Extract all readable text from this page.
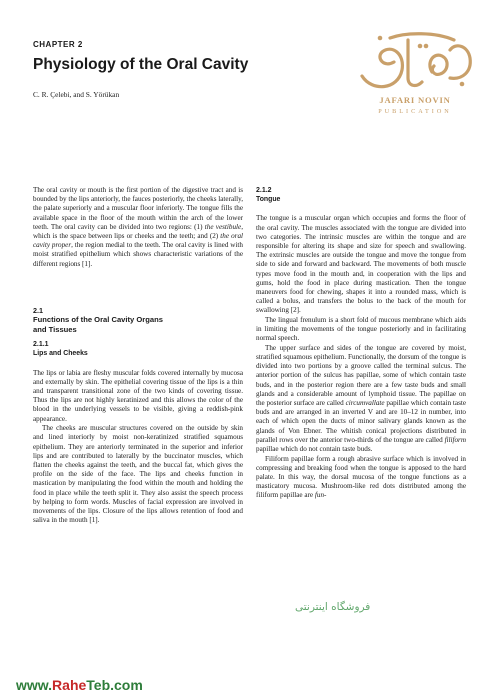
CHAPTER 2
Physiology of the Oral Cavity
C. R. Çelebi, and S. Yörükan
JAFARI NOVIN
PUBLICATION

The oral cavity or mouth is the first portion of the digestive tract and is bounded by the lips anteriorly, the fauces posteriorly, the cheeks laterally, the palate superiorly and a muscular floor inferiorly. The tongue fills the available space in the floor of the mouth within the arch of the lower teeth. The oral cavity can be divided into two regions: (1) the vestibule, which is the space between lips or cheeks and the teeth; and (2) the oral cavity proper, the region medial to the teeth. The oral cavity is lined with moist stratified epithelium which shows characteristic variations of the different regions [1].

2.1
Functions of the Oral Cavity Organs
and Tissues
2.1.1
Lips and Cheeks

The lips or labia are fleshy muscular folds covered internally by mucosa and externally by skin. The epithelial covering tissue of the lips is a thin and transparent transitional zone of the two kinds of covering tissue. Thus the lips are not highly keratinized and this allows the color of the blood in the underlying vessels to be visible, giving a reddish-pink appearance.

The cheeks are muscular structures covered on the outside by skin and lined interiorly by moist non-keratinized stratified squamous epithelium. They are anteriorly terminated in the superior and inferior lips and are contributed to laterally by the buccinator muscles, which flatten the cheeks against the teeth, and the buccal fat, which gives the profile on the side of the face. The lips and cheeks function in mastication by manipulating the food within the mouth and holding the food in place while the teeth split it. They also assist the speech process by helping to form words. Muscles of facial expression are involved in movements of the lips. Closure of the lips allows retention of food and saliva in the mouth [1].

2.1.2
Tongue

The tongue is a muscular organ which occupies and forms the floor of the oral cavity. The muscles associated with the tongue are divided into two categories. The intrinsic muscles are within the tongue and are responsible for altering its shape and size for speech and swallowing. The extrinsic muscles are outside the tongue and move the tongue from side to side and forward and backward. The movements of both muscle types move food in the mouth and, in cooperation with the lips and gums, hold the food in place during mastication. Then the tongue maneuvers food for chewing, shapes it into a rounded mass, which is called a bolus, and transfers the bolus to the back of the mouth for swallowing [2].

The lingual frenulum is a short fold of mucous membrane which aids in limiting the movements of the tongue posteriorly and in facilitating normal speech.

The upper surface and sides of the tongue are covered by moist, stratified squamous epithelium. Functionally, the dorsum of the tongue is divided into two portions by a groove called the terminal sulcus. The anterior portion of the sulcus has papillae, some of which contain taste buds, and in the posterior region there are a few taste buds and small glands and a considerable amount of lymphoid tissue. The papillae on the posterior surface are called circumvallate papillae which contain taste buds and are arranged in an inverted V and are 10–12 in number, into each of which open the ducts of minor salivary glands known as the glands of Von Ebner. The whitish conical projections distributed in parallel rows over the anterior two-thirds of the tongue are called filiform papillae which do not contain taste buds.

Filiform papillae form a rough abrasive surface which is involved in compressing and breaking food when the tongue is apposed to the hard palate. In this way, the dorsal mucosa of the tongue functions as a masticatory mucosa. Mushroom-like red dots distributed among the filiform papillae are fun-

فروشگاه اینترنتی
www.RaheTeb.com
